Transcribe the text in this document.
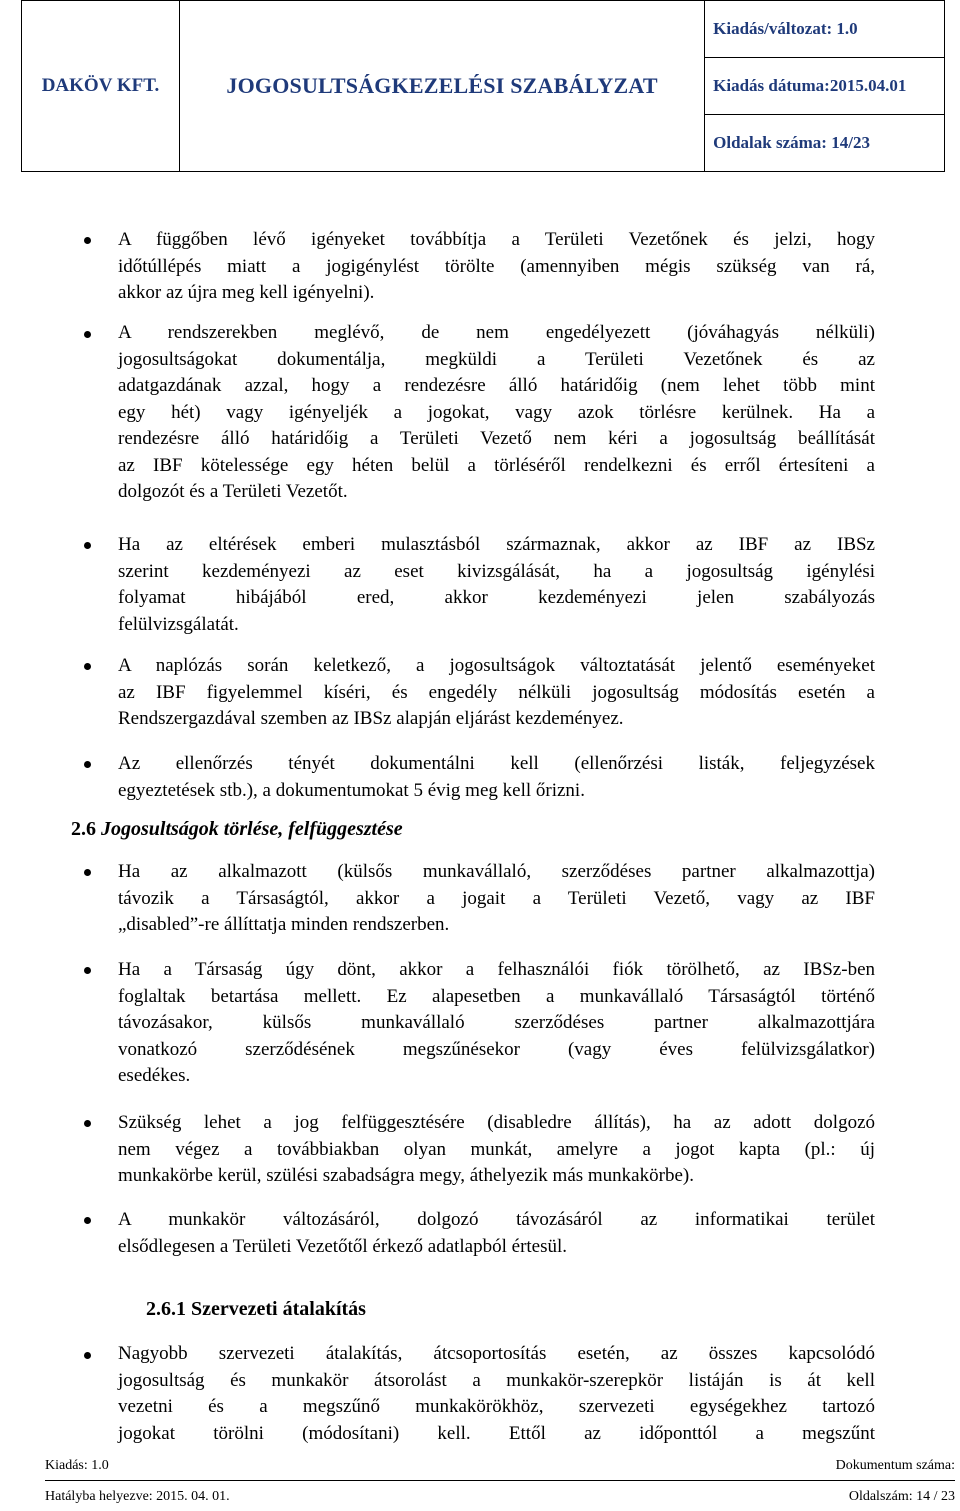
DAKÖV KFT.	JOGOSULTSÁGKEZELÉSI SZABÁLYZAT	Kiadás/változat: 1.0
Kiadás dátuma:2015.04.01
Oldalak száma: 14/23
A függőben lévő igényeket továbbítja a Területi Vezetőnek és jelzi, hogy
időtúllépés miatt a jogigénylést törölte (amennyiben mégis szükség van rá,
akkor az újra meg kell igényelni).
A rendszerekben meglévő, de nem engedélyezett (jóváhagyás nélküli)
jogosultságokat dokumentálja, megküldi a Területi Vezetőnek és az
adatgazdának azzal, hogy a rendezésre álló határidőig (nem lehet több mint
egy hét) vagy igényeljék a jogokat, vagy azok törlésre kerülnek. Ha a
rendezésre álló határidőig a Területi Vezető nem kéri a jogosultság beállítását
az IBF kötelessége egy héten belül a törléséről rendelkezni és erről értesíteni a
dolgozót és a Területi Vezetőt.
Ha az eltérések emberi mulasztásból származnak, akkor az IBF az IBSz
szerint kezdeményezi az eset kivizsgálását, ha a jogosultság igénylési
folyamat hibájából ered, akkor kezdeményezi jelen szabályozás
felülvizsgálatát.
A naplózás során keletkező, a jogosultságok változtatását jelentő eseményeket
az IBF figyelemmel kíséri, és engedély nélküli jogosultság módosítás esetén a
Rendszergazdával szemben az IBSz alapján eljárást kezdeményez.
Az ellenőrzés tényét dokumentálni kell (ellenőrzési listák, feljegyzések
egyeztetések stb.), a dokumentumokat 5 évig meg kell őrizni.
2.6 Jogosultságok törlése, felfüggesztése
Ha az alkalmazott (külsős munkavállaló, szerződéses partner alkalmazottja)
távozik a Társaságtól, akkor a jogait a Területi Vezető, vagy az IBF
„disabled”-re állíttatja minden rendszerben.
Ha a Társaság úgy dönt, akkor a felhasználói fiók törölhető, az IBSz-ben
foglaltak betartása mellett. Ez alapesetben a munkavállaló Társaságtól történő
távozásakor, külsős munkavállaló szerződéses partner alkalmazottjára
vonatkozó szerződésének megszűnésekor (vagy éves felülvizsgálatkor)
esedékes.
Szükség lehet a jog felfüggesztésére (disabledre állítás), ha az adott dolgozó
nem végez a továbbiakban olyan munkát, amelyre a jogot kapta (pl.: új
munkakörbe kerül, szülési szabadságra megy, áthelyezik más munkakörbe).
A munkakör változásáról, dolgozó távozásáról az informatikai terület
elsődlegesen a Területi Vezetőtől érkező adatlapból értesül.
2.6.1 Szervezeti átalakítás
Nagyobb szervezeti átalakítás, átcsoportosítás esetén, az összes kapcsolódó
jogosultság és munkakör átsorolást a munkakör-szerepkör listáján is át kell
vezetni és a megszűnő munkakörökhöz, szervezeti egységekhez tartozó
jogokat törölni (módosítani) kell. Ettől az időponttól a megszűnt
Kiadás: 1.0	Dokumentum száma:
Hatályba helyezve: 2015. 04. 01.	Oldalszám: 14 / 23
